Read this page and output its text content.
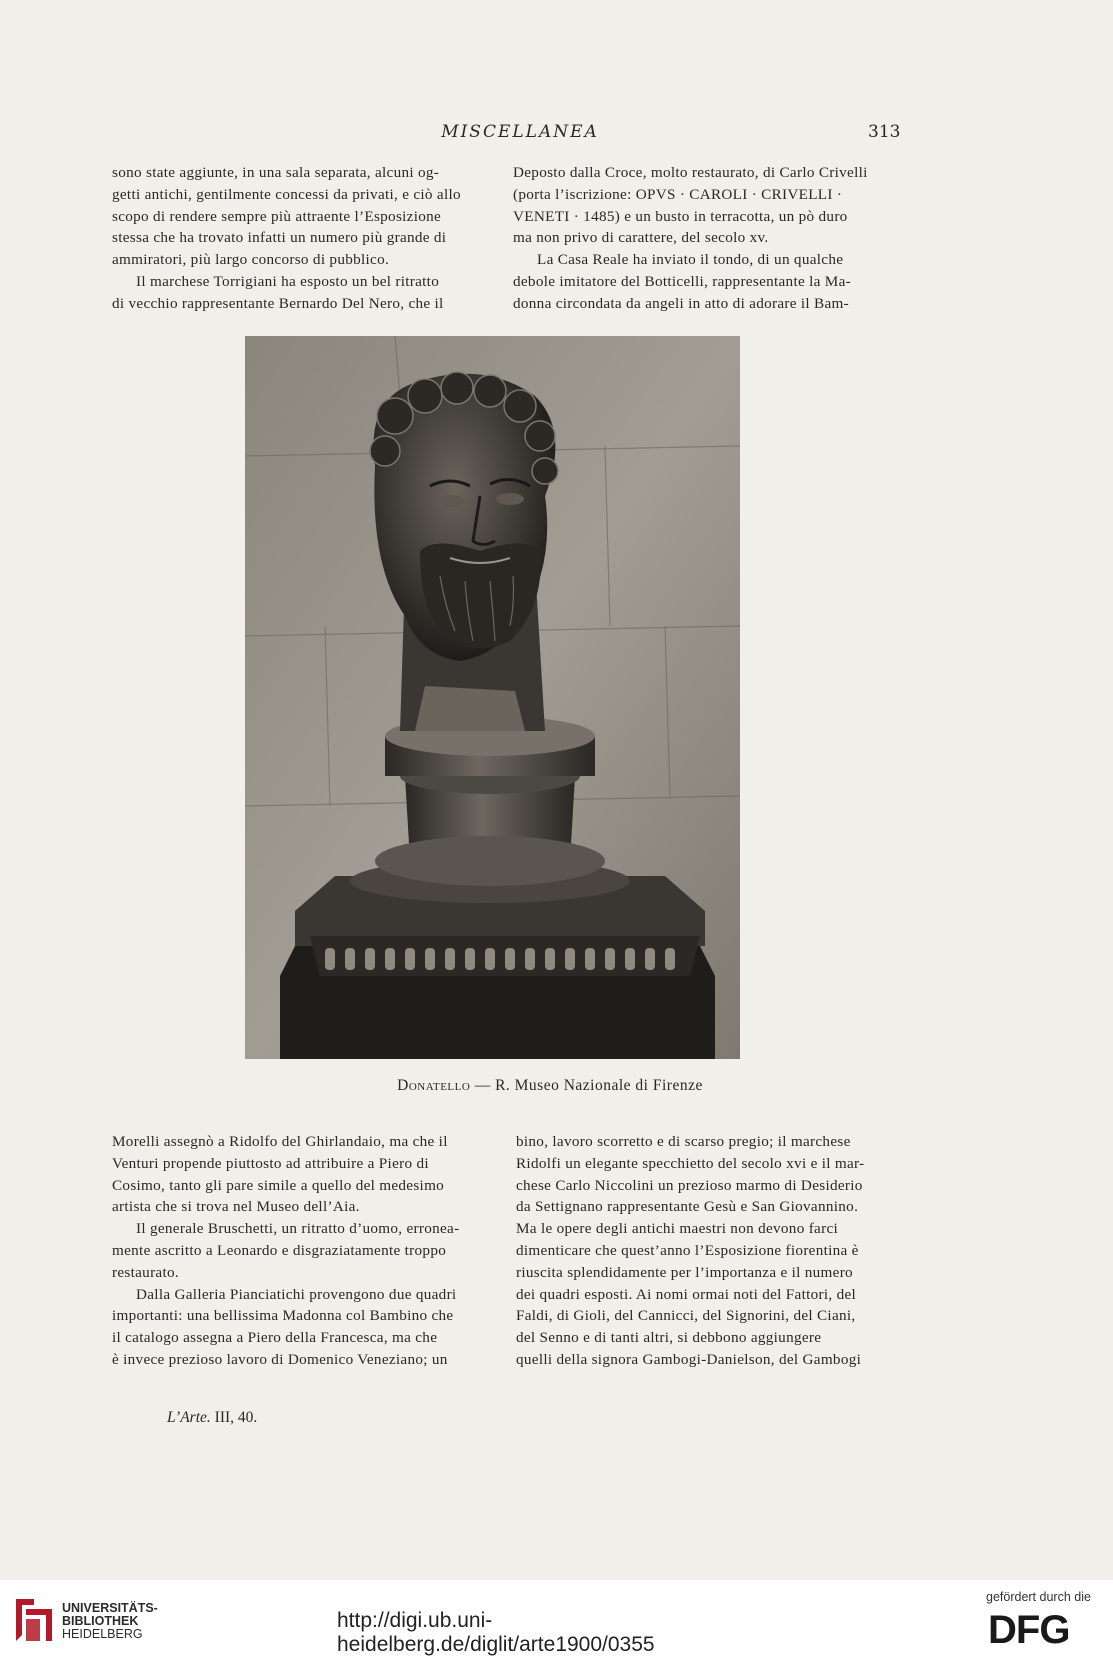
MISCELLANEA	313

sono state aggiunte, in una sala separata, alcuni og-

getti antichi, gentilmente concessi da privati, e ciò allo

scopo di rendere sempre più attraente l’Esposizione

stessa che ha trovato infatti un numero più grande di

ammiratori, più largo concorso di pubblico.

Il marchese Torrigiani ha esposto un bel ritratto

di vecchio rappresentante Bernardo Del Nero, che il

Deposto dalla Croce, molto restaurato, di Carlo Crivelli

(porta l’iscrizione: OPVS · CAROLI · CRIVELLI ·

VENETI · 1485) e un busto in terracotta, un pò duro

ma non privo di carattere, del secolo xv.

La Casa Reale ha inviato il tondo, di un qualche

debole imitatore del Botticelli, rappresentante la Ma-

donna circondata da angeli in atto di adorare il Bam-

Donatello — R. Museo Nazionale di Firenze

Morelli assegnò a Ridolfo del Ghirlandaio, ma che il

Venturi propende piuttosto ad attribuire a Piero di

Cosimo, tanto gli pare simile a quello del medesimo

artista che si trova nel Museo dell’Aia.

Il generale Bruschetti, un ritratto d’uomo, erronea-

mente ascritto a Leonardo e disgraziatamente troppo

restaurato.

Dalla Galleria Pianciatichi provengono due quadri

importanti: una bellissima Madonna col Bambino che

il catalogo assegna a Piero della Francesca, ma che

è invece prezioso lavoro di Domenico Veneziano; un

bino, lavoro scorretto e di scarso pregio; il marchese

Ridolfi un elegante specchietto del secolo xvi e il mar-

chese Carlo Niccolini un prezioso marmo di Desiderio

da Settignano rappresentante Gesù e San Giovannino.

Ma le opere degli antichi maestri non devono farci

dimenticare che quest’anno l’Esposizione fiorentina è

riuscita splendidamente per l’importanza e il numero

dei quadri esposti. Ai nomi ormai noti del Fattori, del

Faldi, di Gioli, del Cannicci, del Signorini, del Ciani,

del Senno e di tanti altri, si debbono aggiungere

quelli della signora Gambogi-Danielson, del Gambogi

L’Arte. III, 40.
UNIVERSITÄTS-
BIBLIOTHEK
HEIDELBERG
http://digi.ub.uni-heidelberg.de/diglit/arte1900/0355
gefördert durch die
DFG
